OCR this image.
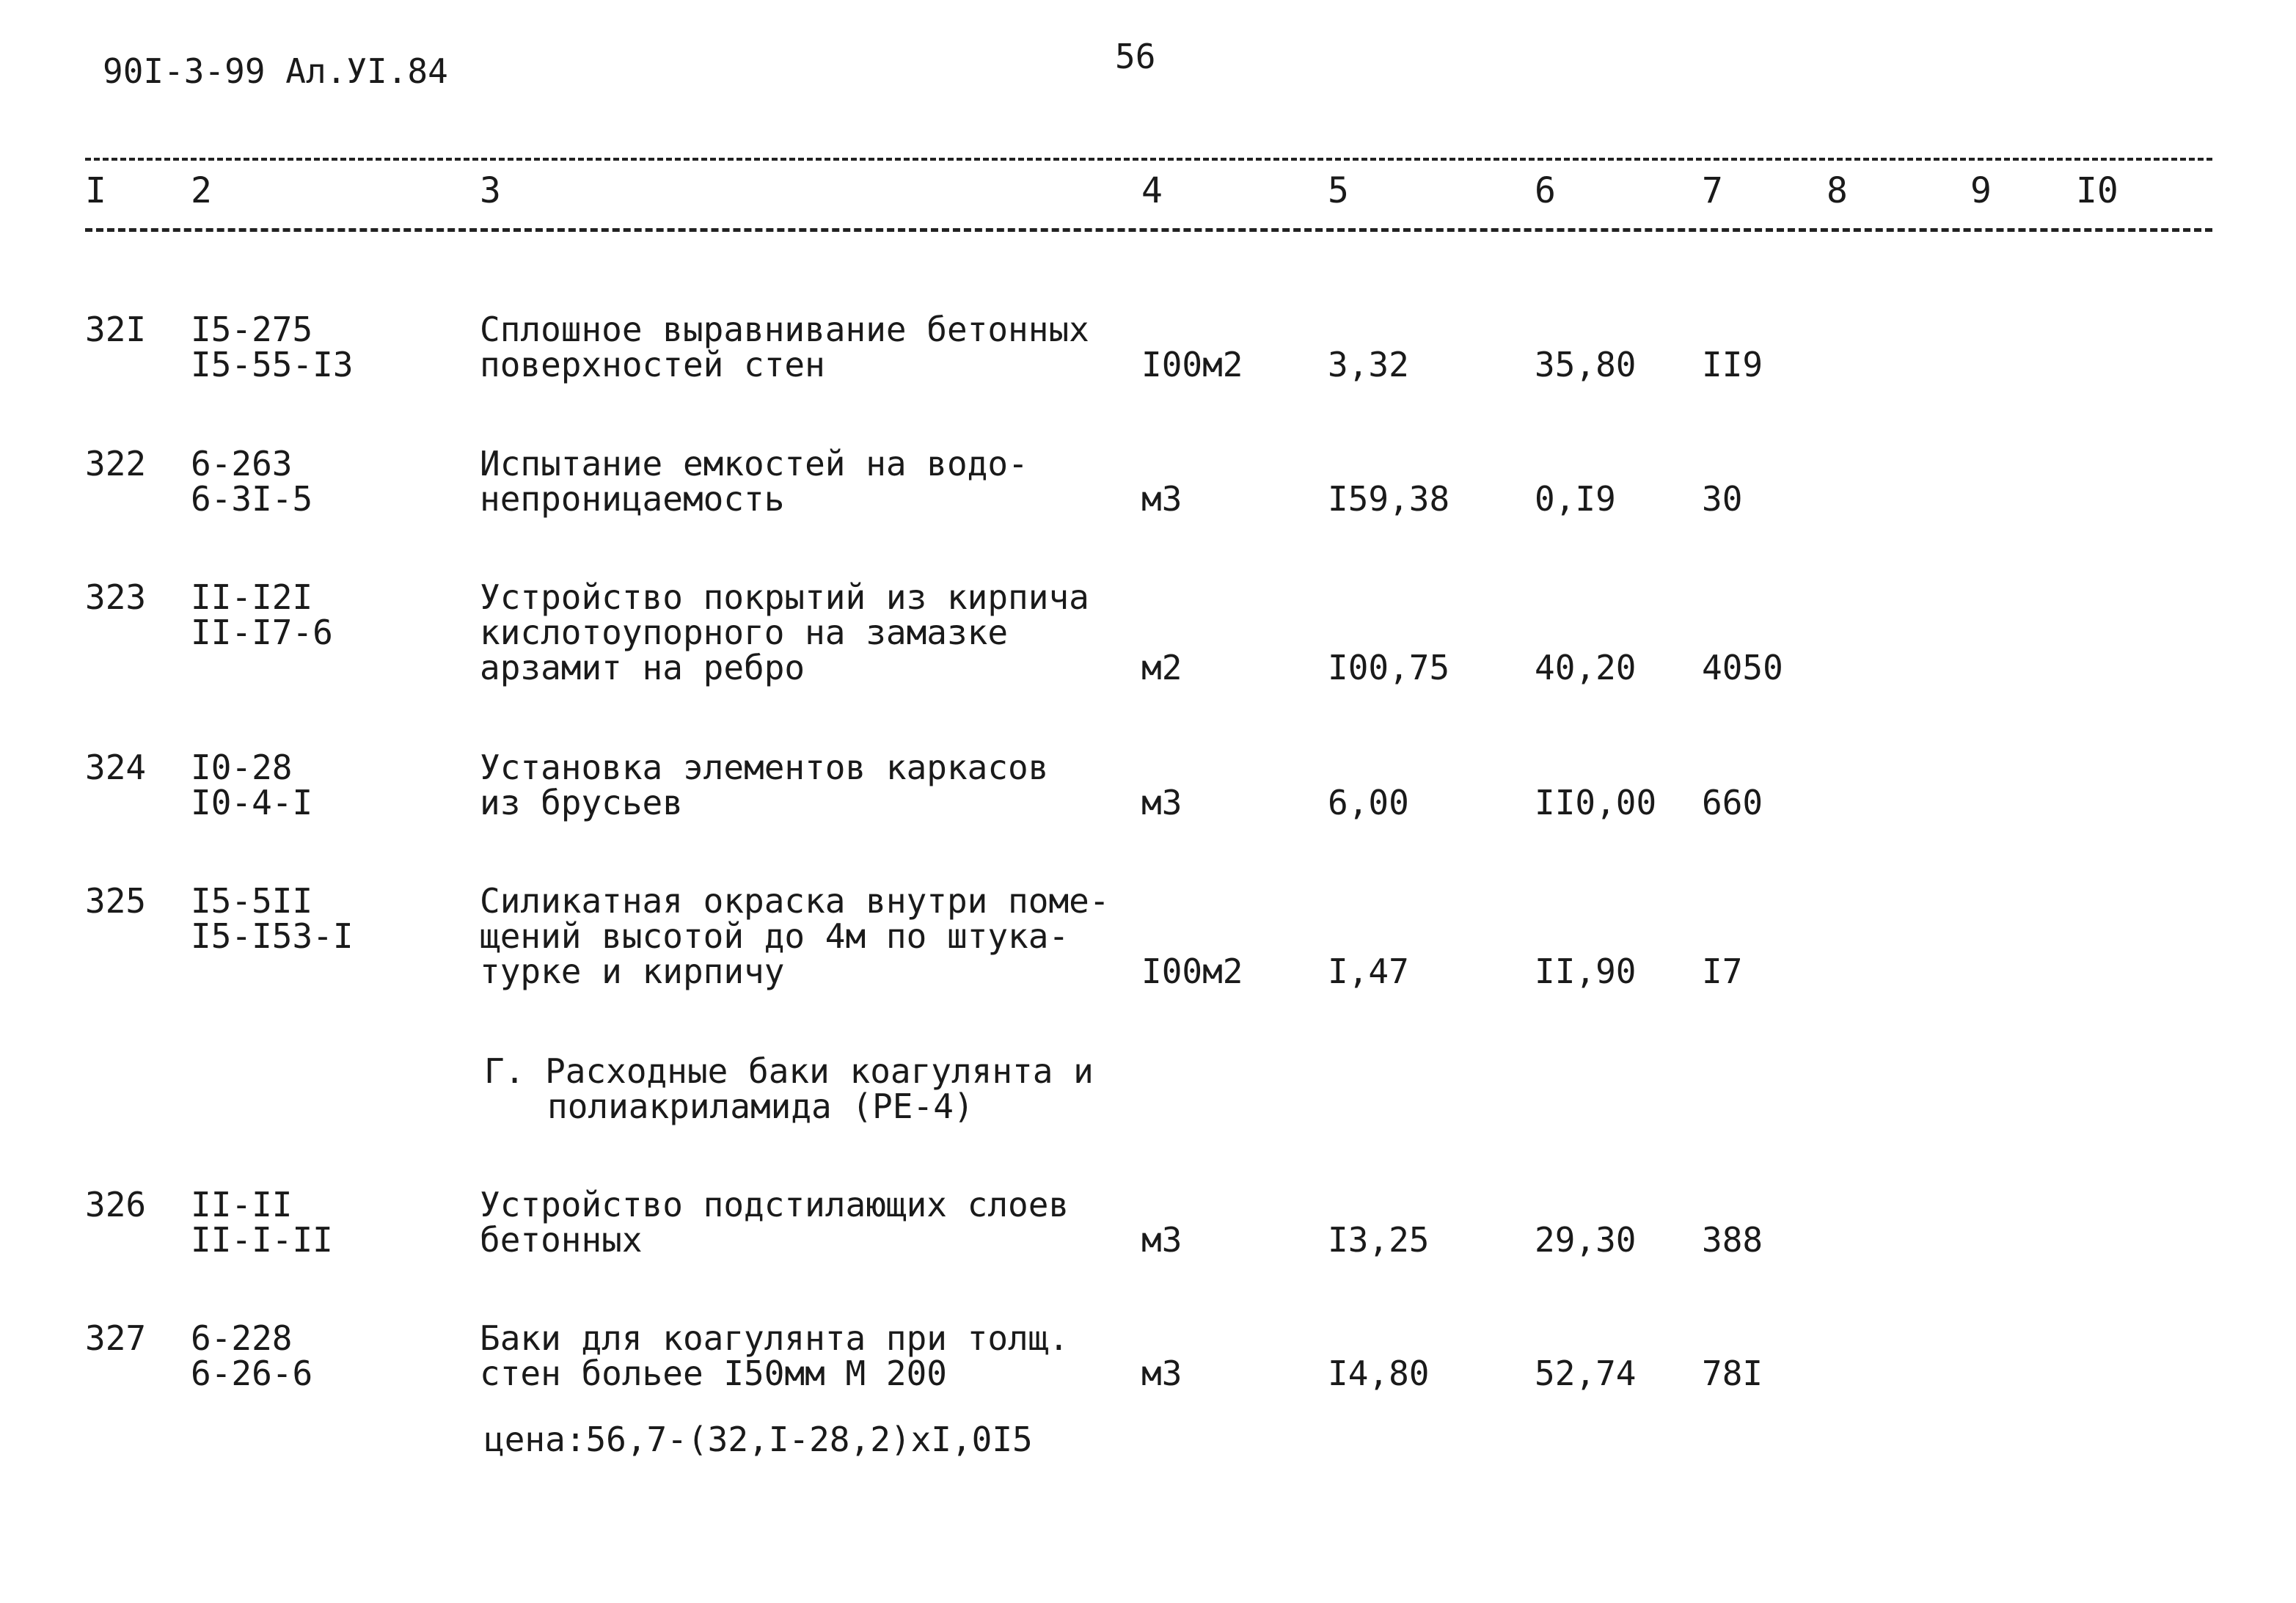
90I-3-99 Ал.УI.84	56
I 2	3	4	5	6	7	8	9 I0
32I I5-275
I5-55-I3
Сплошное выравнивание бетонных
поверхностей стен	I00м2	3,32	35,80 II9
322 6-263
6-3I-5
Испытание емкостей на водо-
непроницаемость	м3	I59,38	0,I9	30
323 II-I2I
II-I7-6
Устройство покрытий из кирпича
кислотоупорного на замазке
арзамит на ребро	м2	I00,75	40,20 4050
324 I0-28
I0-4-I
Установка элементов каркасов
из брусьев	м3	6,00	II0,00 660
325 I5-5II
I5-I53-I
Силикатная окраска внутри поме-
щений высотой до 4м по штука-
турке и кирпичу	I00м2	I,47	II,90 I7
Г. Расходные баки коагулянта и
полиакриламида (РЕ-4)
326 II-II
II-I-II
Устройство подстилающих слоев
бетонных	м3	I3,25	29,30 388
327 6-228
6-26-6
Баки для коагулянта при толщ.
стен бoльее I50мм М 200	м3	I4,80	52,74 78I
цена:56,7-(32,I-28,2)хI,0I5
